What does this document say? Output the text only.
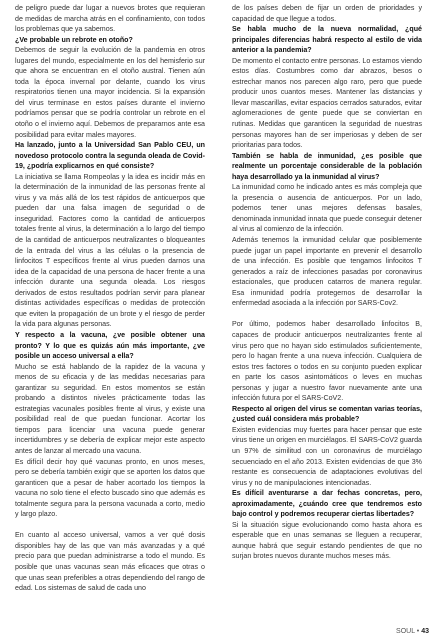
de peligro puede dar lugar a nuevos brotes que requieran de medidas de marcha atrás en el confinamiento, con todos los problemas que ya sabemos.

¿Ve probable un rebrote en otoño?

Debemos de seguir la evolución de la pandemia en otros lugares del mundo, especialmente en los del hemisferio sur que ahora se encuentran en el otoño austral. Tienen aún toda la época invernal por delante, cuando los virus respiratorios tienen una mayor incidencia. Si la expansión del virus terminase en estos países durante el invierno podríamos pensar que se podría controlar un rebrote en el otoño o el invierno aquí. Debemos de prepararnos ante esa posibilidad para evitar males mayores.

Ha lanzado, junto a la Universidad San Pablo CEU, un novedoso protocolo contra la segunda oleada de Covid-19, ¿podría explicarnos en qué consiste?

La iniciativa se llama Rompeolas y la idea es incidir más en la determinación de la inmunidad de las personas frente al virus y va más allá de los test rápidos de anticuerpos que pueden dar una falsa imagen de seguridad o de inseguridad. Factores como la cantidad de anticuerpos totales frente al virus, la determinación a lo largo del tiempo de la cantidad de anticuerpos neutralizantes o bloqueantes de la entrada del virus a las células o la presencia de linfocitos T específicos frente al virus pueden darnos una idea de la capacidad de una persona de hacer frente a una infección durante una segunda oleada. Los riesgos derivados de estos resultados podrían servir para planear distintas actividades específicas o medidas de protección que eviten la propagación de un brote y el riesgo de perder la vida para algunas personas.

Y respecto a la vacuna, ¿ve posible obtener una pronto? Y lo que es quizás aún más importante, ¿ve posible un acceso universal a ella?

Mucho se está hablando de la rapidez de la vacuna y menos de su eficacia y de las medidas necesarias para garantizar su seguridad. En estos momentos se están probando a distintos niveles prácticamente todas las estrategias vacunales posibles frente al virus, y existe una posibilidad real de que puedan funcionar. Acortar los tiempos para licenciar una vacuna puede generar incertidumbres y se debería de explicar mejor este aspecto antes de lanzar al mercado una vacuna.

Es difícil decir hoy qué vacunas pronto, en unos meses, pero se debería también exigir que se aporten los datos que garanticen que a pesar de haber acortado los tiempos la vacuna no solo tiene el efecto buscado sino que además es totalmente segura para la persona vacunada a corto, medio y largo plazo.

En cuanto al acceso universal, vamos a ver qué dosis disponibles hay de las que van más avanzadas y a qué precio para que puedan administrarse a todo el mundo. Es posible que unas vacunas sean más eficaces que otras o que unas sean preferibles a otras dependiendo del rango de edad. Los sistemas de salud de cada uno

de los países deben de fijar un orden de prioridades y capacidad de que llegue a todos.

Se habla mucho de la nueva normalidad, ¿qué principales diferencias habrá respecto al estilo de vida anterior a la pandemia?

De momento el contacto entre personas. Lo estamos viendo estos días. Costumbres como dar abrazos, besos o estrechar manos nos parecen algo raro, pero que puede producir unos cuantos meses. Mantener las distancias y llevar mascarillas, evitar espacios cerrados saturados, evitar aglomeraciones de gente puede que se conviertan en rutinas. Medidas que garanticen la seguridad de nuestras personas mayores han de ser imperiosas y deben de ser prioritarias para todos.

También se habla de inmunidad, ¿es posible que realmente un porcentaje considerable de la población haya desarrollado ya la inmunidad al virus?

La inmunidad como he indicado antes es más compleja que la presencia o ausencia de anticuerpos. Por un lado, podemos tener unas mejores defensas basales, denominada inmunidad innata que puede conseguir detener al virus al comienzo de la infección.

Además tenemos la inmunidad celular que posiblemente puede jugar un papel importante en prevenir el desarrollo de una infección. Es posible que tengamos linfocitos T generados a raíz de infecciones pasadas por coronavirus estacionales, que producen catarros de manera regular. Esa inmunidad podría protegernos de desarrollar la enfermedad asociada a la infección por SARS-Cov2.

Por último, podemos haber desarrollado linfocitos B, capaces de producir anticuerpos neutralizantes frente al virus pero que no hayan sido estimulados suficientemente, pero lo hagan frente a una nueva infección. Cualquiera de estos tres factores o todos en su conjunto pueden explicar en parte los casos asintomáticos o leves en muchas personas y jugar a nuestro favor nuevamente ante una infección futura por el SARS-CoV2.

Respecto al origen del virus se comentan varias teorías, ¿usted cuál considera más probable?

Existen evidencias muy fuertes para hacer pensar que este virus tiene un origen en murciélagos. El SARS-CoV2 guarda un 97% de similitud con un coronavirus de murciélago secuenciado en el año 2013. Existen evidencias de que 3% restante es consecuencia de adaptaciones evolutivas del virus y no de manipulaciones intencionadas.

Es difícil aventurarse a dar fechas concretas, pero, aproximadamente, ¿cuándo cree que tendremos esto bajo control y podremos recuperar ciertas libertades?

Si la situación sigue evolucionando como hasta ahora es esperable que en unas semanas se lleguen a recuperar, aunque habrá que seguir estando pendientes de que no surjan brotes nuevos durante muchos meses más.

SOUL • 43
